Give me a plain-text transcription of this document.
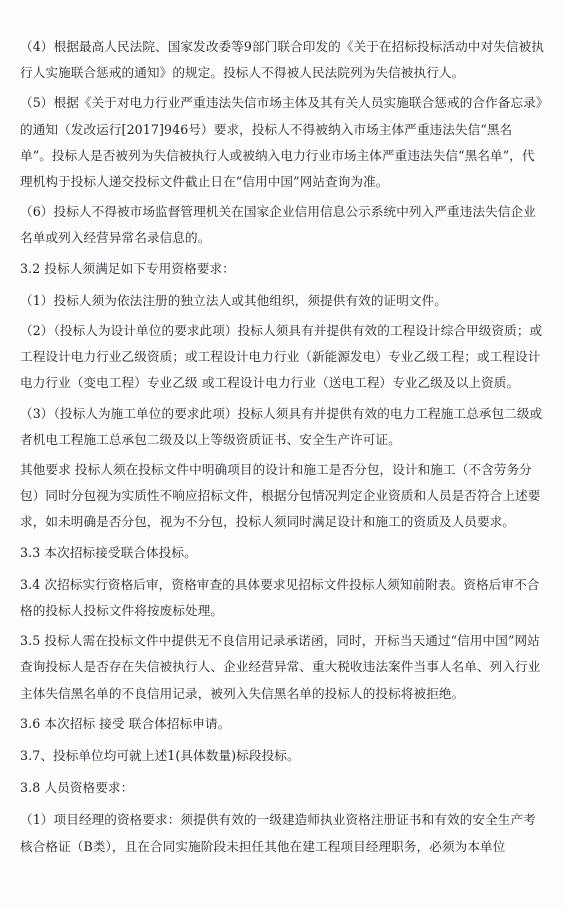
（4）根据最高人民法院、国家发改委等9部门联合印发的《关于在招标投标活动中对失信被执行人实施联合惩戒的通知》的规定。投标人不得被人民法院列为失信被执行人。

（5）根据《关于对电力行业严重违法失信市场主体及其有关人员实施联合惩戒的合作备忘录》的通知（发改运行[2017]946号）要求，投标人不得被纳入市场主体严重违法失信“黑名单”。投标人是否被列为失信被执行人或被纳入电力行业市场主体严重违法失信“黑名单”，代理机构于投标人递交投标文件截止日在“信用中国”网站查询为准。

（6）投标人不得被市场监督管理机关在国家企业信用信息公示系统中列入严重违法失信企业名单或列入经营异常名录信息的。

3.2 投标人须满足如下专用资格要求：

（1）投标人须为依法注册的独立法人或其他组织，须提供有效的证明文件。

（2）（投标人为设计单位的要求此项）投标人须具有并提供有效的工程设计综合甲级资质；或工程设计电力行业乙级资质；或工程设计电力行业（新能源发电）专业乙级工程；或工程设计电力行业（变电工程）专业乙级 或工程设计电力行业（送电工程）专业乙级及以上资质。

（3）（投标人为施工单位的要求此项）投标人须具有并提供有效的电力工程施工总承包二级或者机电工程施工总承包二级及以上等级资质证书、安全生产许可证。

其他要求 投标人须在投标文件中明确项目的设计和施工是否分包，设计和施工（不含劳务分包）同时分包视为实质性不响应招标文件，根据分包情况判定企业资质和人员是否符合上述要求，如未明确是否分包，视为不分包，投标人须同时满足设计和施工的资质及人员要求。

3.3 本次招标接受联合体投标。

3.4 次招标实行资格后审，资格审查的具体要求见招标文件投标人须知前附表。资格后审不合格的投标人投标文件将按废标处理。

3.5 投标人需在投标文件中提供无不良信用记录承诺函，同时，开标当天通过“信用中国”网站查询投标人是否存在失信被执行人、企业经营异常、重大税收违法案件当事人名单、列入行业主体失信黑名单的不良信用记录，被列入失信黑名单的投标人的投标将被拒绝。

3.6 本次招标 接受 联合体招标申请。

3.7、投标单位均可就上述1(具体数量)标段投标。

3.8 人员资格要求：

（1）项目经理的资格要求：须提供有效的一级建造师执业资格注册证书和有效的安全生产考核合格证（B类），且在合同实施阶段未担任其他在建工程项目经理职务，必须为本单位
